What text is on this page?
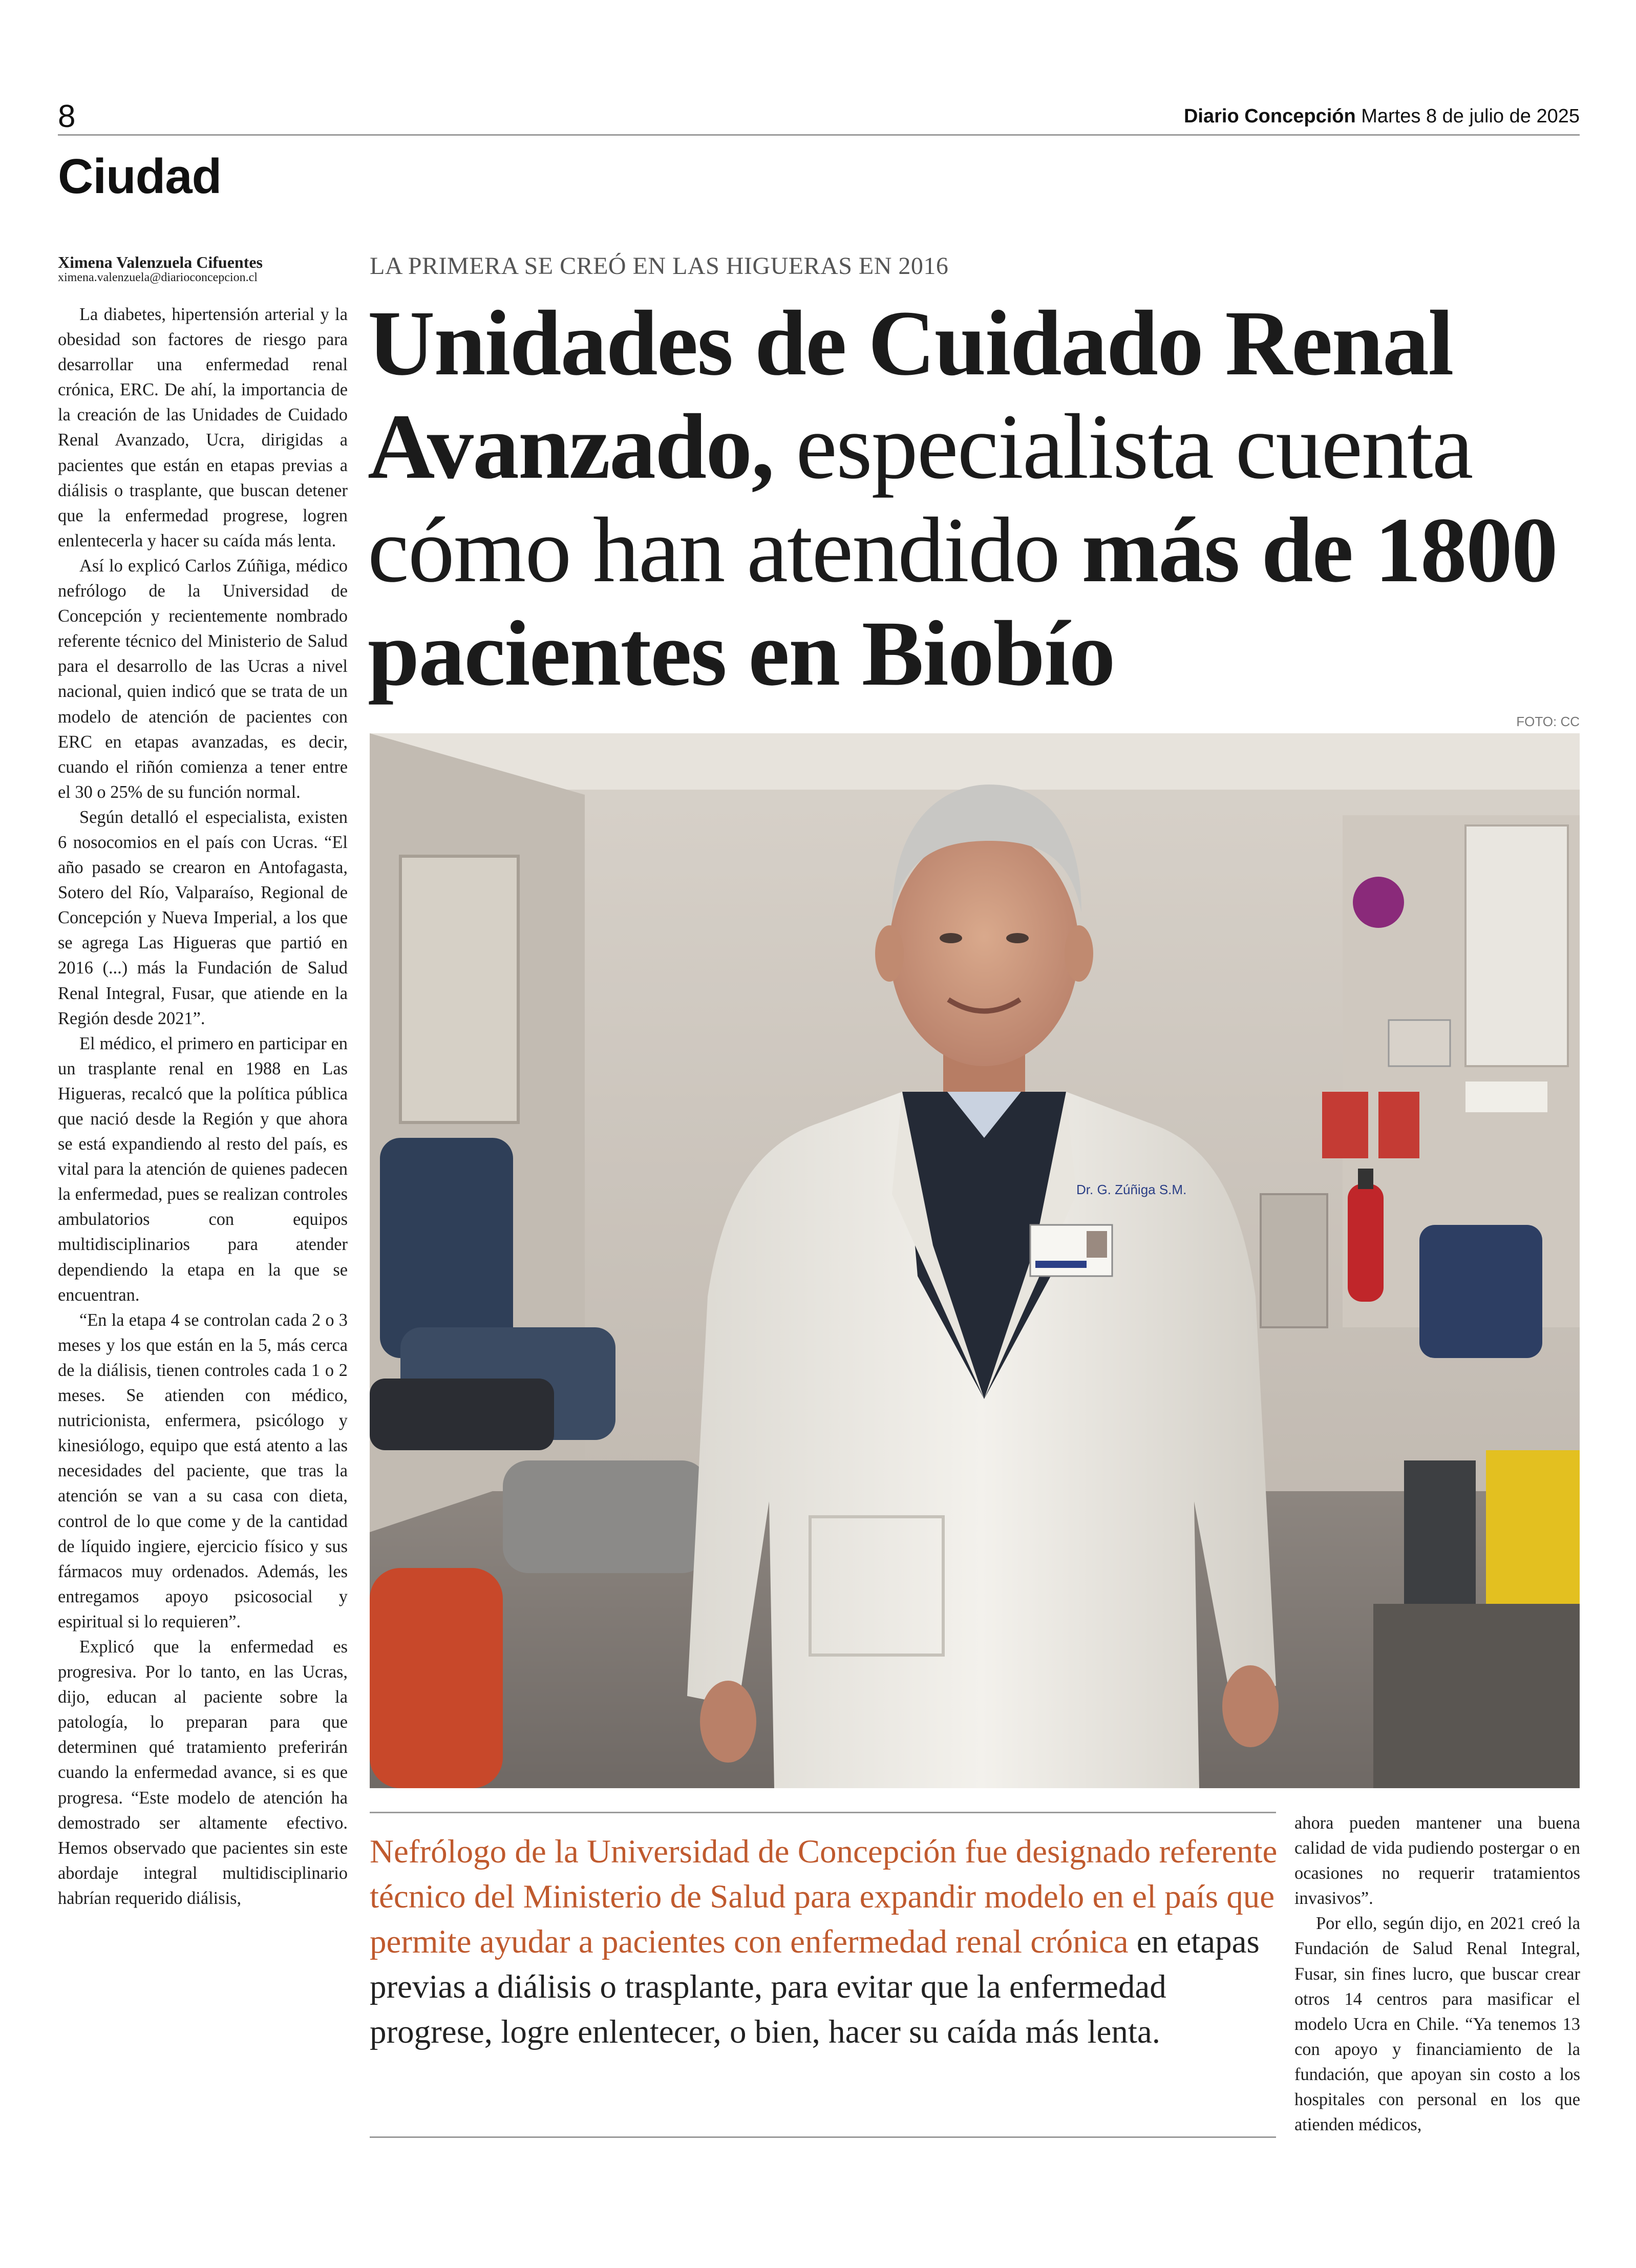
8	Diario Concepción Martes 8 de julio de 2025
Ciudad
Ximena Valenzuela Cifuentes
ximena.valenzuela@diarioconcepcion.cl

La diabetes, hipertensión arterial y la obesidad son factores de riesgo para desarrollar una enfermedad renal crónica, ERC. De ahí, la importancia de la creación de las Unidades de Cuidado Renal Avanzado, Ucra, dirigidas a pacientes que están en etapas previas a diálisis o trasplante, que buscan detener que la enfermedad progrese, logren enlentecerla y hacer su caída más lenta.

Así lo explicó Carlos Zúñiga, médico nefrólogo de la Universidad de Concepción y recientemente nombrado referente técnico del Ministerio de Salud para el desarrollo de las Ucras a nivel nacional, quien indicó que se trata de un modelo de atención de pacientes con ERC en etapas avanzadas, es decir, cuando el riñón comienza a tener entre el 30 o 25% de su función normal.

Según detalló el especialista, existen 6 nosocomios en el país con Ucras. “El año pasado se crearon en Antofagasta, Sotero del Río, Valparaíso, Regional de Concepción y Nueva Imperial, a los que se agrega Las Higueras que partió en 2016 (...) más la Fundación de Salud Renal Integral, Fusar, que atiende en la Región desde 2021”.

El médico, el primero en participar en un trasplante renal en 1988 en Las Higueras, recalcó que la política pública que nació desde la Región y que ahora se está expandiendo al resto del país, es vital para la atención de quienes padecen la enfermedad, pues se realizan controles ambulatorios con equipos multidisciplinarios para atender dependiendo la etapa en la que se encuentran.

“En la etapa 4 se controlan cada 2 o 3 meses y los que están en la 5, más cerca de la diálisis, tienen controles cada 1 o 2 meses. Se atienden con médico, nutricionista, enfermera, psicólogo y kinesiólogo, equipo que está atento a las necesidades del paciente, que tras la atención se van a su casa con dieta, control de lo que come y de la cantidad de líquido ingiere, ejercicio físico y sus fármacos muy ordenados. Además, les entregamos apoyo psicosocial y espiritual si lo requieren”.

Explicó que la enfermedad es progresiva. Por lo tanto, en las Ucras, dijo, educan al paciente sobre la patología, lo preparan para que determinen qué tratamiento preferirán cuando la enfermedad avance, si es que progresa. “Este modelo de atención ha demostrado ser altamente efectivo. Hemos observado que pacientes sin este abordaje integral multidisciplinario habrían requerido diálisis,

LA PRIMERA SE CREÓ EN LAS HIGUERAS EN 2016
Unidades de Cuidado Renal Avanzado, especialista cuenta cómo han atendido más de 1800 pacientes en Biobío
FOTO: CC
Dr. G. Zúñiga S.M.
Nefrólogo de la Universidad de Concepción fue designado referente técnico del Ministerio de Salud para expandir modelo en el país que permite ayudar a pacientes con enfermedad renal crónica en etapas previas a diálisis o trasplante, para evitar que la enfermedad progrese, logre enlentecer, o bien, hacer su caída más lenta.

ahora pueden mantener una buena calidad de vida pudiendo postergar o en ocasiones no requerir tratamientos invasivos”.

Por ello, según dijo, en 2021 creó la Fundación de Salud Renal Integral, Fusar, sin fines lucro, que buscar crear otros 14 centros para masificar el modelo Ucra en Chile. “Ya tenemos 13 con apoyo y financiamiento de la fundación, que apoyan sin costo a los hospitales con personal en los que atienden médicos,
